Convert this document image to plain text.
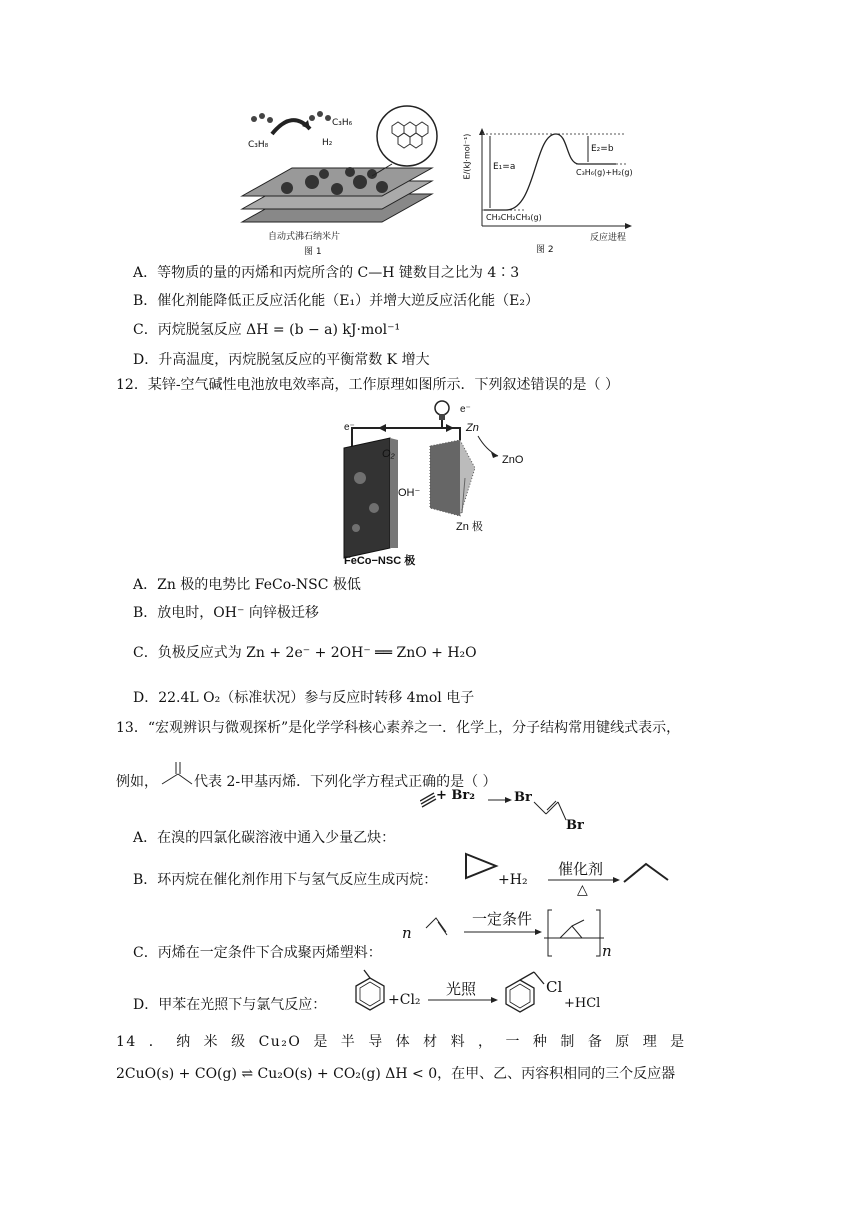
C₃H₈
C₃H₆
H₂
自动式沸石纳米片
图 1
E/(kJ·mol⁻¹) E₁=a
E₂=b
C₃H₆(g)+H₂(g)
CH₃CH₂CH₃(g)
反应进程
图 2
A．等物质的量的丙烯和丙烷所含的 C—H 键数目之比为 4∶3
B．催化剂能降低正反应活化能（E₁）并增大逆反应活化能（E₂）
C．丙烷脱氢反应 ΔH = (b − a) kJ·mol⁻¹
D．升高温度，丙烷脱氢反应的平衡常数 K 增大
12．某锌-空气碱性电池放电效率高，工作原理如图所示．下列叙述错误的是（ ）
e⁻
e⁻
O₂
OH⁻
Zn
ZnO
Zn 极
FeCo−NSC 极
A．Zn 极的电势比 FeCo-NSC 极低
B．放电时，OH⁻ 向锌极迁移
C．负极反应式为 Zn + 2e⁻ + 2OH⁻ ══ ZnO + H₂O
D．22.4L O₂（标准状况）参与反应时转移 4mol 电子
13．“宏观辨识与微观探析”是化学学科核心素养之一．化学上，分子结构常用键线式表示，
例如，	代表 2-甲基丙烯．下列化学方程式正确的是（ ）
+ Br₂	Br
Br
A．在溴的四氯化碳溶液中通入少量乙炔：
B．环丙烷在催化剂作用下与氢气反应生成丙烷：	+H₂
催化剂
△
C．丙烯在一定条件下合成聚丙烯塑料：
n
一定条件
n
D．甲苯在光照下与氯气反应：	+Cl₂
光照	Cl
+HCl
14 ． 纳 米 级 Cu₂O 是 半 导 体 材 料 ， 一 种 制 备 原 理 是
2CuO(s) + CO(g) ⇌ Cu₂O(s) + CO₂(g) ΔH < 0，在甲、乙、丙容积相同的三个反应器
